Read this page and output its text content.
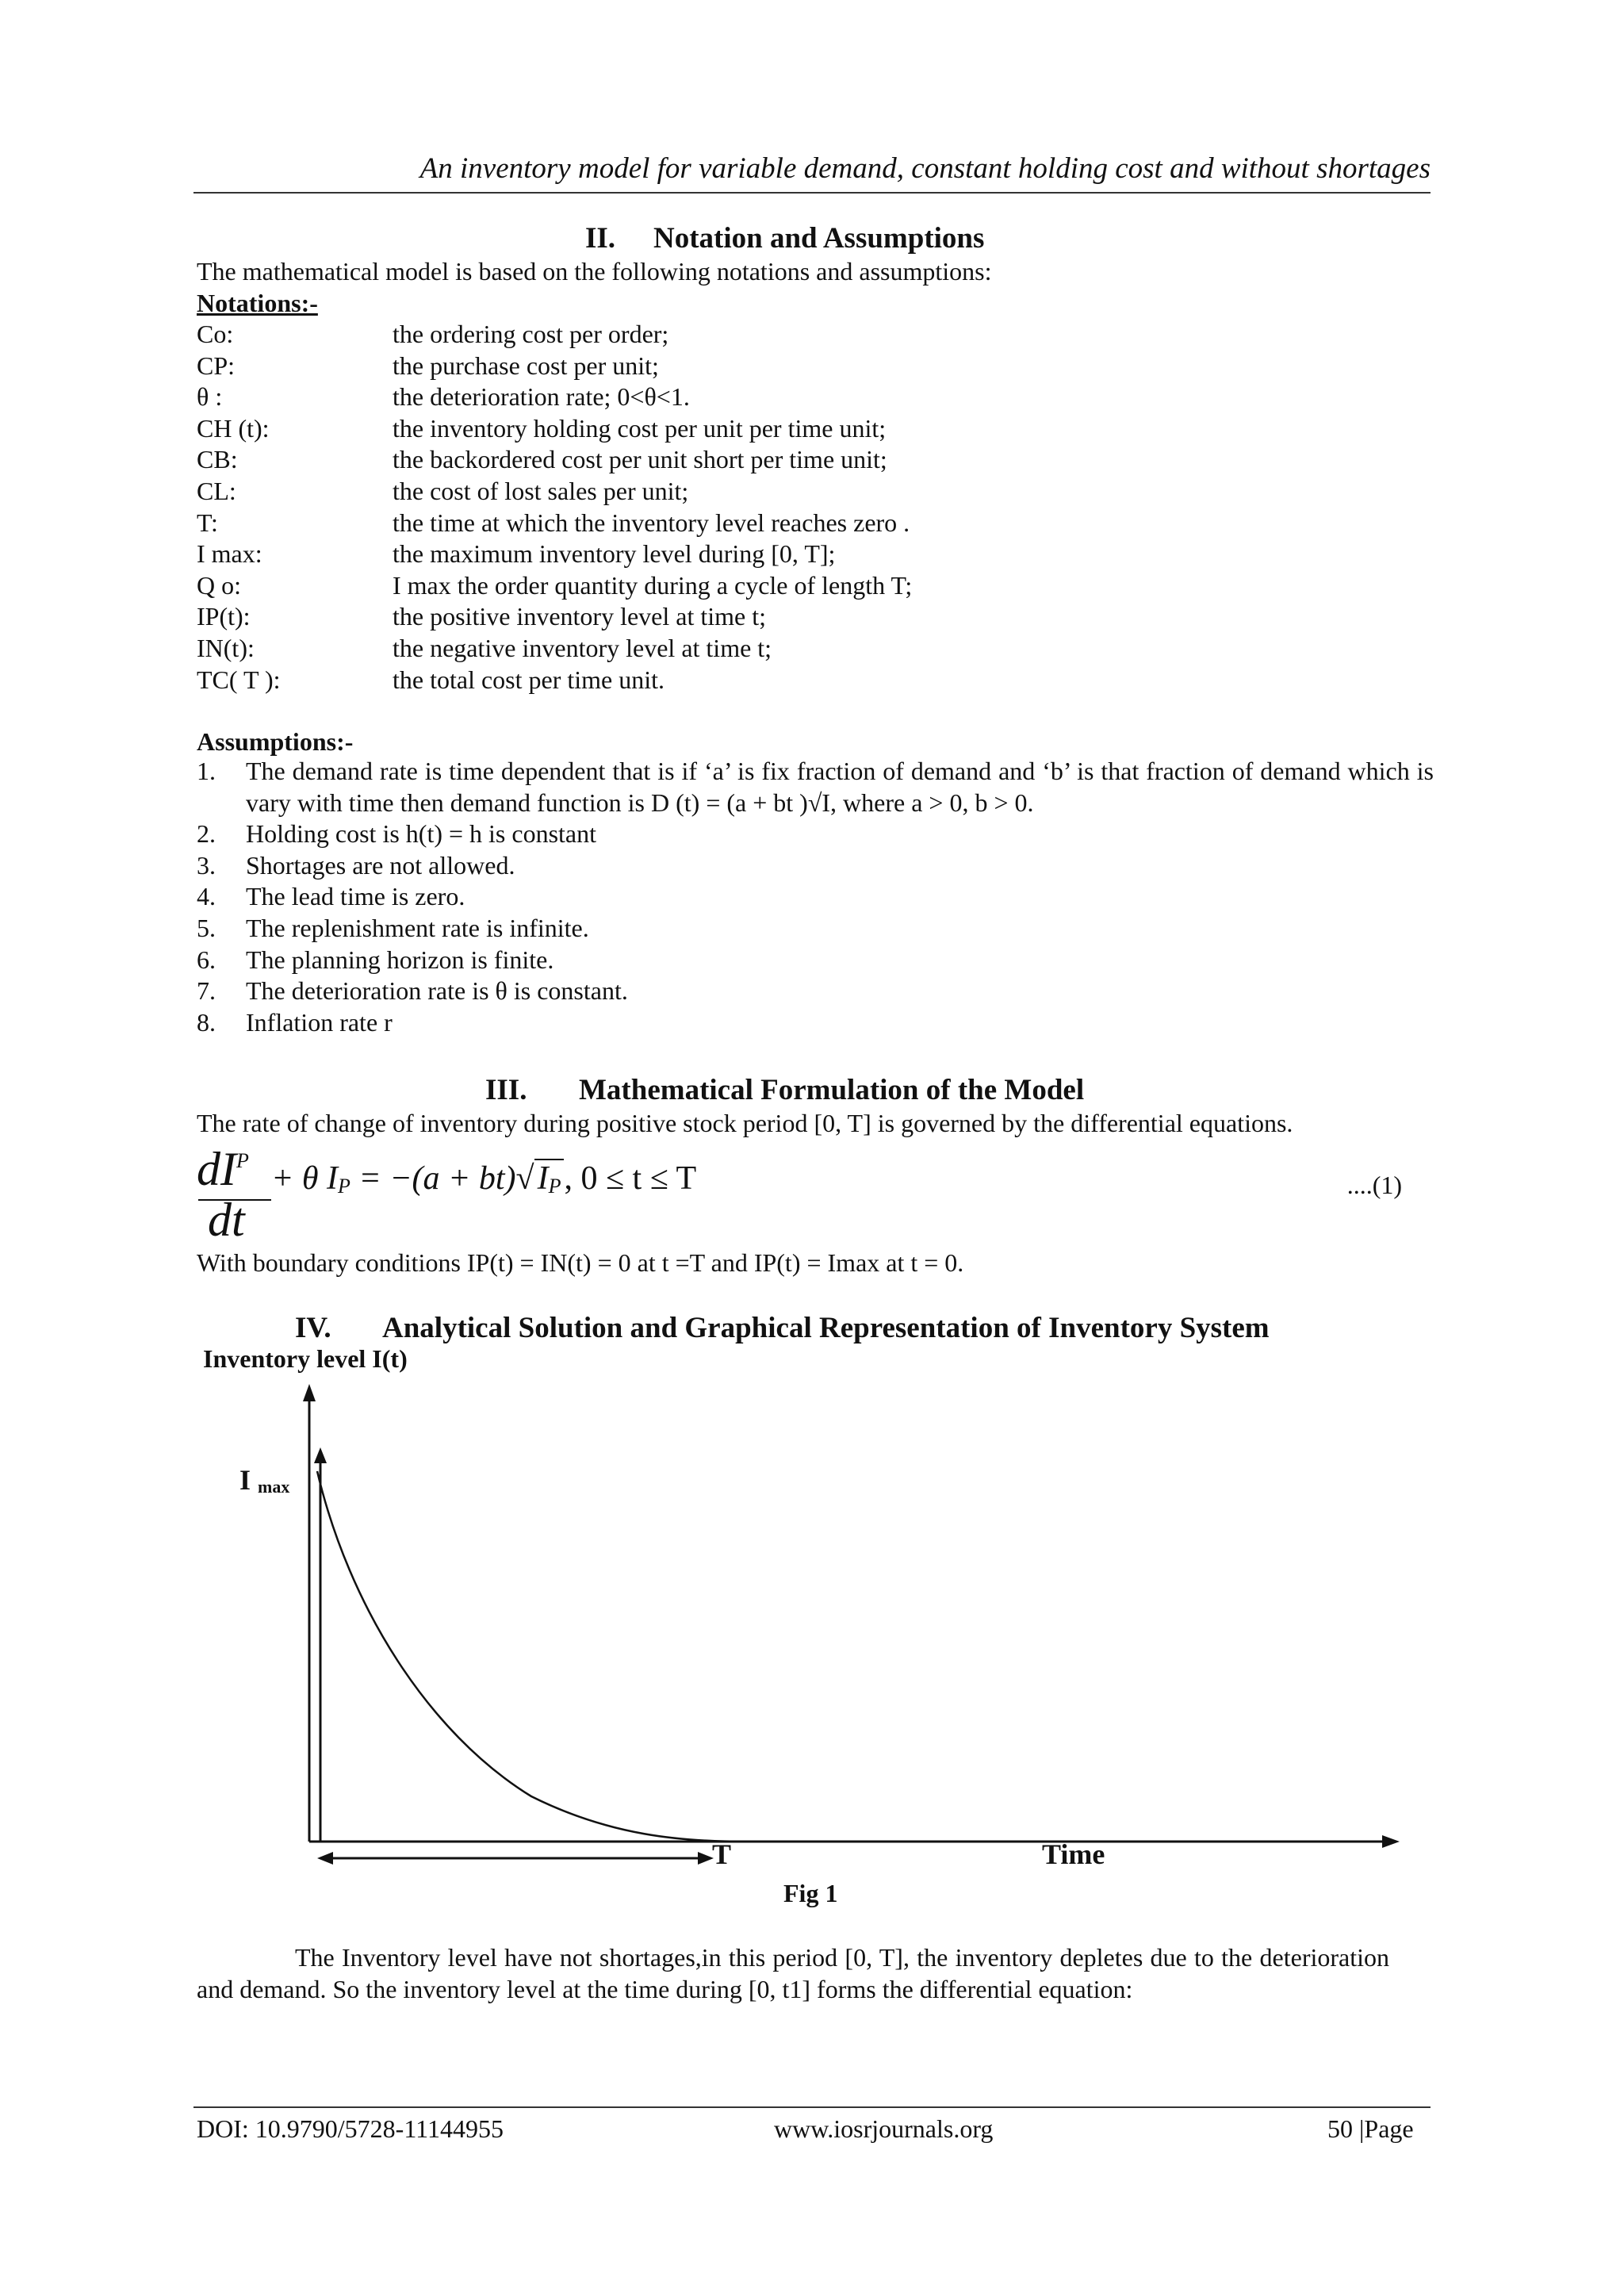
An inventory model for variable demand, constant holding cost and without shortages
II. Notation and Assumptions
The mathematical model is based on the following notations and assumptions:
Notations:-
Co:	the ordering cost per order;
CP:	the purchase cost per unit;
θ :	the deterioration rate; 0<θ<1.
CH (t):	the inventory holding cost per unit per time unit;
CB:	the backordered cost per unit short per time unit;
CL:	the cost of lost sales per unit;
T:	the time at which the inventory level reaches zero .
I max:	the maximum inventory level during [0, T];
Q o:	I max the order quantity during a cycle of length T;
IP(t):	the positive inventory level at time t;
IN(t):	the negative inventory level at time t;
TC( T ):	the total cost per time unit.
Assumptions:-
1.	The demand rate is time dependent that is if ‘a’ is fix fraction of demand and ‘b’ is that fraction of demand which is vary with time then demand function is D (t) = (a + bt )√I, where a > 0, b > 0.
2.	Holding cost is h(t) = h is constant
3.	Shortages are not allowed.
4.	The lead time is zero.
5.	The replenishment rate is infinite.
6.	The planning horizon is finite.
7.	The deterioration rate is θ is constant.
8.	Inflation rate r
III. Mathematical Formulation of the Model
The rate of change of inventory during positive stock period [0, T] is governed by the differential equations.
$dI_P$
dt
+ θ $I_P = -(a + bt)√I_P$, 0 ≤ t ≤ T	....(1)
With boundary conditions IP(t) = IN(t) = 0 at t =T and IP(t) = Imax at t = 0.
IV. Analytical Solution and Graphical Representation of Inventory System
Inventory level I(t)
I $_{max}$
T	Time
Fig 1
The Inventory level have not shortages,in this period [0, T], the inventory depletes due to the deterioration and demand. So the inventory level at the time during [0, t1] forms the differential equation:
DOI: 10.9790/5728-11144955	www.iosrjournals.org	50 |Page
